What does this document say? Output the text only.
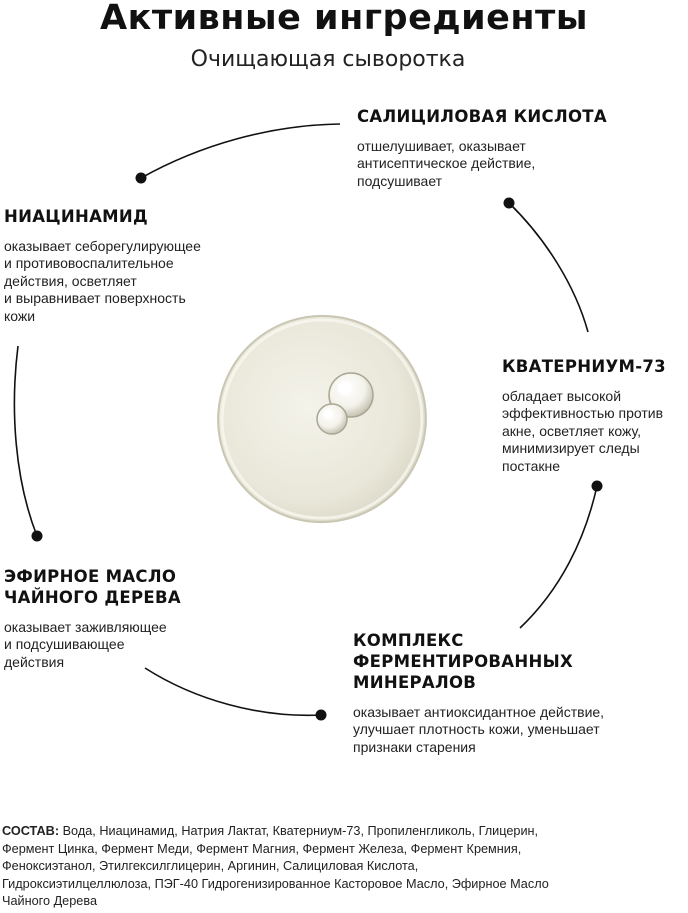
Активные ингредиенты
Очищающая сыворотка
САЛИЦИЛОВАЯ КИСЛОТА
отшелушивает, оказывает
антисептическое действие,
подсушивает
НИАЦИНАМИД
оказывает себорегулирующее
и противовоспалительное
действия, осветляет
и выравнивает поверхность
кожи
КВАТЕРНИУМ-73
обладает высокой
эффективностью против
акне, осветляет кожу,
минимизирует следы
постакне
ЭФИРНОЕ МАСЛО
ЧАЙНОГО ДЕРЕВА
оказывает заживляющее
и подсушивающее
действия
КОМПЛЕКС
ФЕРМЕНТИРОВАННЫХ
МИНЕРАЛОВ
оказывает антиоксидантное действие,
улучшает плотность кожи, уменьшает
признаки старения
СОСТАВ: Вода, Ниацинамид, Натрия Лактат, Кватерниум-73, Пропиленгликоль, Глицерин,
Фермент Цинка, Фермент Меди, Фермент Магния, Фермент Железа, Фермент Кремния,
Феноксиэтанол, Этилгексилглицерин, Аргинин, Салициловая Кислота,
Гидроксиэтилцеллюлоза, ПЭГ-40 Гидрогенизированное Касторовое Масло, Эфирное Масло
Чайного Дерева
